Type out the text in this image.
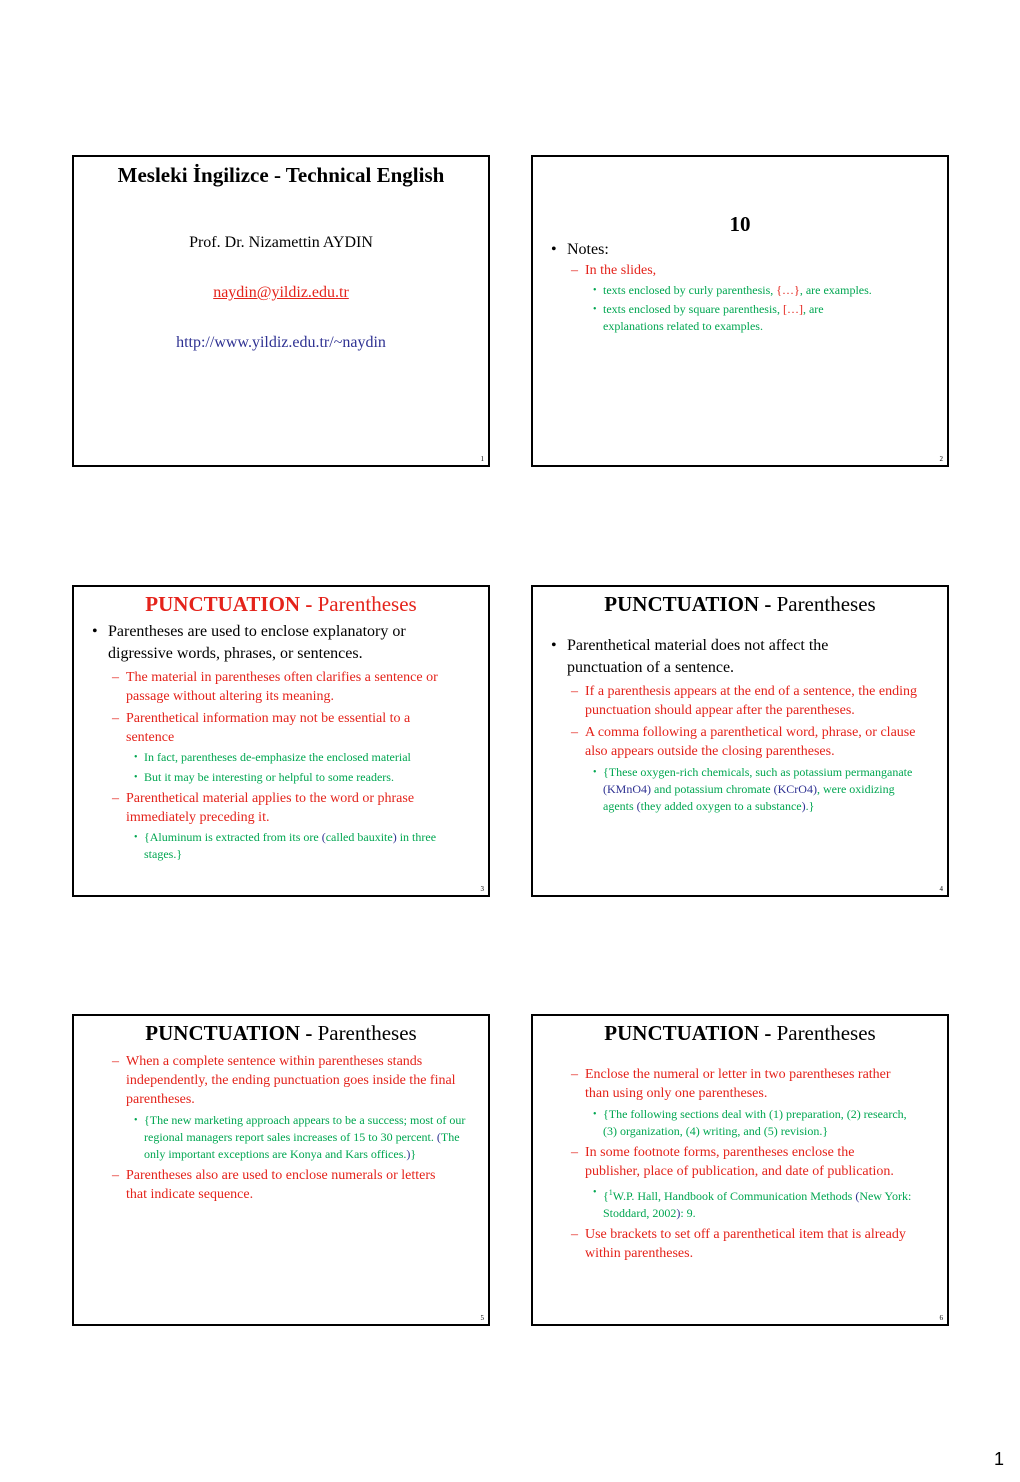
Mesleki İngilizce - Technical English
Prof. Dr. Nizamettin AYDIN
naydin@yildiz.edu.tr
http://www.yildiz.edu.tr/~naydin
1
10
• Notes:
– In the slides,
• texts enclosed by curly parenthesis, {…}, are examples.
• texts enclosed by square parenthesis, […], are explanations related to examples.
2
PUNCTUATION - Parentheses
• Parentheses are used to enclose explanatory or digressive words, phrases, or sentences.
– The material in parentheses often clarifies a sentence or passage without altering its meaning.
– Parenthetical information may not be essential to a sentence
• In fact, parentheses de-emphasize the enclosed material
• But it may be interesting or helpful to some readers.
– Parenthetical material applies to the word or phrase immediately preceding it.
• {Aluminum is extracted from its ore (called bauxite) in three stages.}
3
PUNCTUATION - Parentheses
• Parenthetical material does not affect the punctuation of a sentence.
– If a parenthesis appears at the end of a sentence, the ending punctuation should appear after the parentheses.
– A comma following a parenthetical word, phrase, or clause also appears outside the closing parentheses.
• {These oxygen-rich chemicals, such as potassium permanganate (KMnO4) and potassium chromate (KCrO4), were oxidizing agents (they added oxygen to a substance).}
4
PUNCTUATION - Parentheses
– When a complete sentence within parentheses stands independently, the ending punctuation goes inside the final parentheses.
• {The new marketing approach appears to be a success; most of our regional managers report sales increases of 15 to 30 percent. (The only important exceptions are Konya and Kars offices.)}
– Parentheses also are used to enclose numerals or letters that indicate sequence.
5
PUNCTUATION - Parentheses
– Enclose the numeral or letter in two parentheses rather than using only one parentheses.
• {The following sections deal with (1) preparation, (2) research, (3) organization, (4) writing, and (5) revision.}
– In some footnote forms, parentheses enclose the publisher, place of publication, and date of publication.
• {$^1$W.P. Hall, Handbook of Communication Methods (New York: Stoddard, 2002): 9.
– Use brackets to set off a parenthetical item that is already within parentheses.
6
1
